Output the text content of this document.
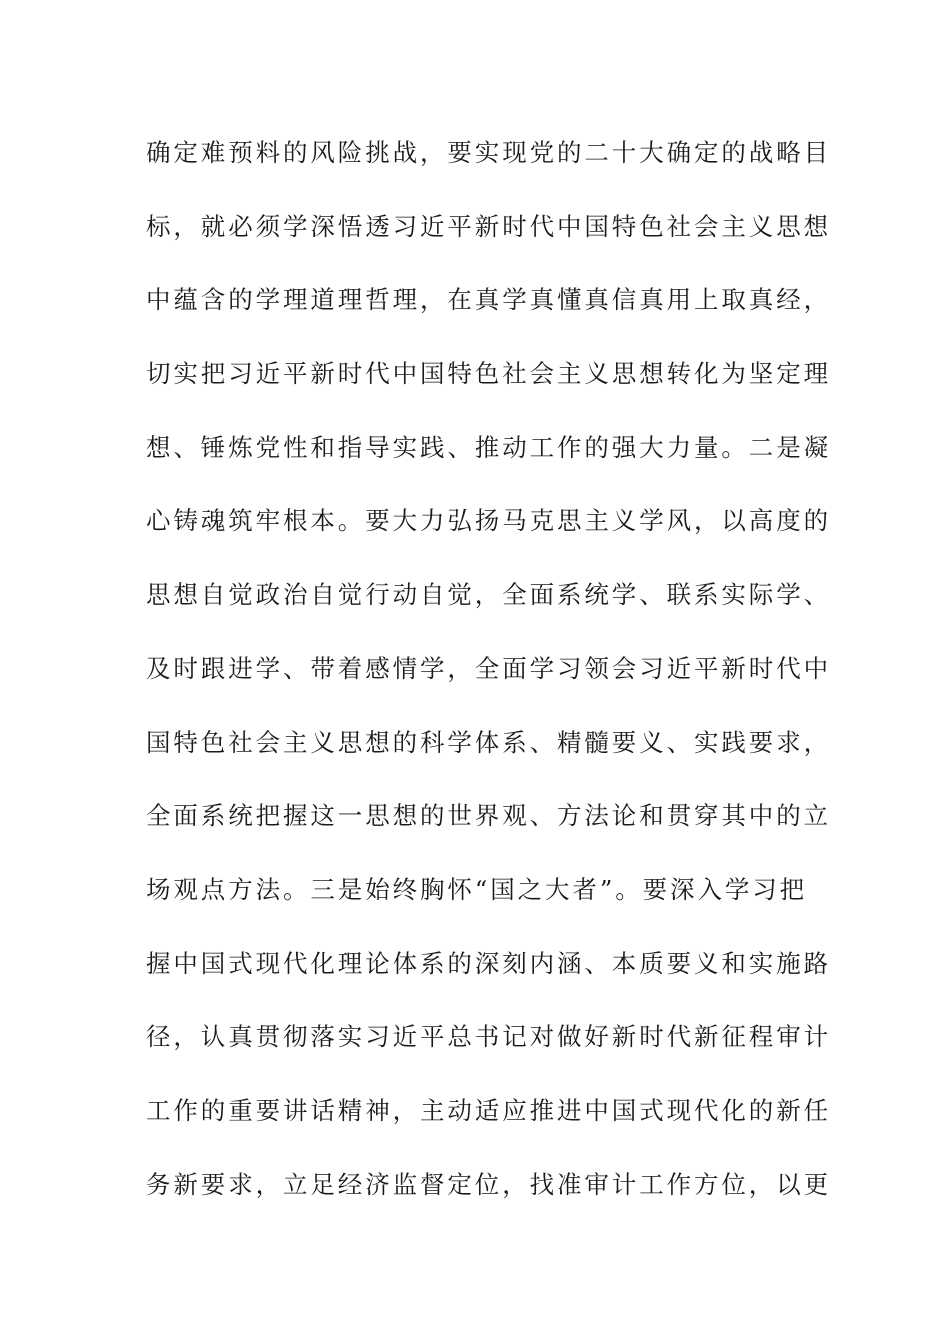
确定难预料的风险挑战，要实现党的二十大确定的战略目
标，就必须学深悟透习近平新时代中国特色社会主义思想
中蕴含的学理道理哲理，在真学真懂真信真用上取真经，
切实把习近平新时代中国特色社会主义思想转化为坚定理
想、锤炼党性和指导实践、推动工作的强大力量。二是凝
心铸魂筑牢根本。要大力弘扬马克思主义学风，以高度的
思想自觉政治自觉行动自觉，全面系统学、联系实际学、
及时跟进学、带着感情学，全面学习领会习近平新时代中
国特色社会主义思想的科学体系、精髓要义、实践要求，
全面系统把握这一思想的世界观、方法论和贯穿其中的立
场观点方法。三是始终胸怀“国之大者”。要深入学习把
握中国式现代化理论体系的深刻内涵、本质要义和实施路
径，认真贯彻落实习近平总书记对做好新时代新征程审计
工作的重要讲话精神，主动适应推进中国式现代化的新任
务新要求，立足经济监督定位，找准审计工作方位，以更
